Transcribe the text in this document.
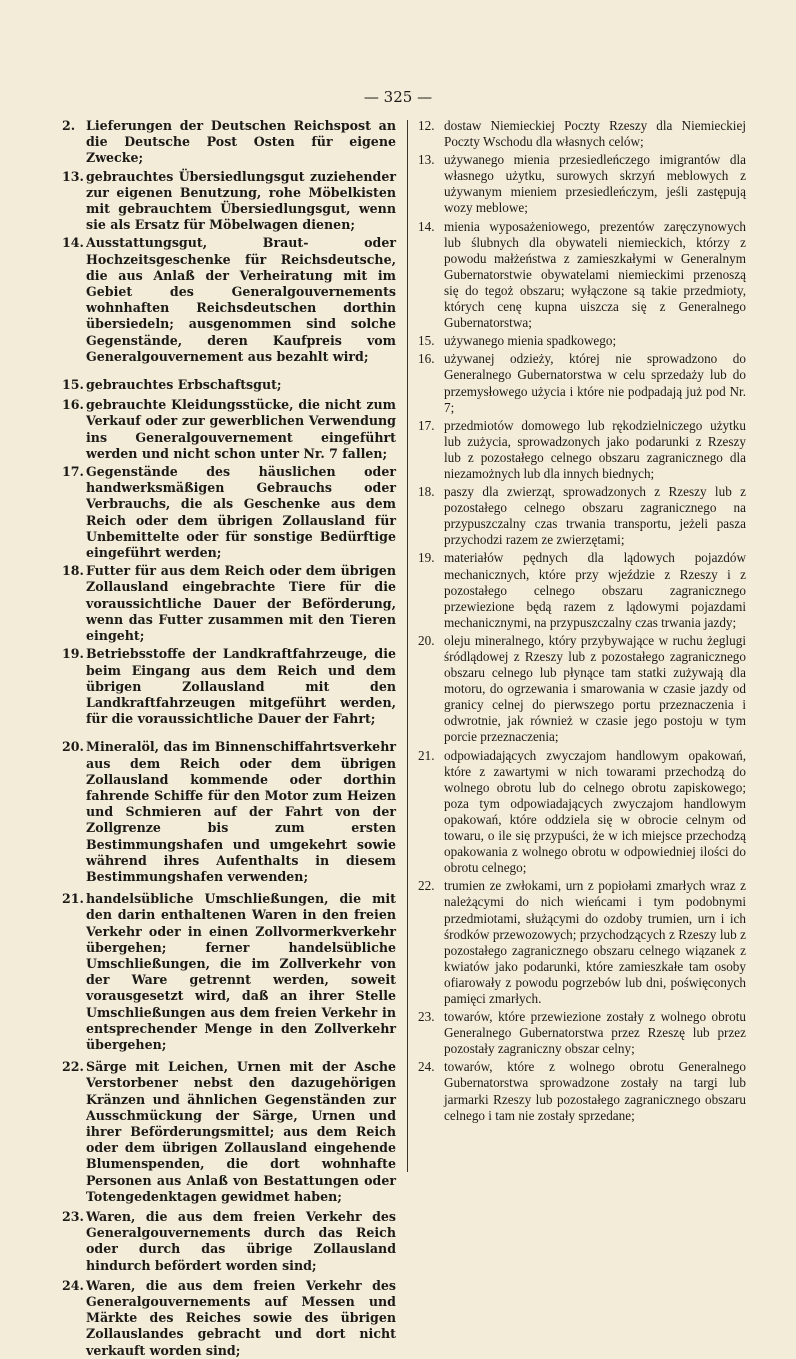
— 325 —
2. Lieferungen der Deutschen Reichspost an die Deutsche Post Osten für eigene Zwecke;
13. gebrauchtes Übersiedlungsgut zuziehender zur eigenen Benutzung, rohe Möbelkisten mit gebrauchtem Übersiedlungsgut, wenn sie als Ersatz für Möbelwagen dienen;
14. Ausstattungsgut, Braut- oder Hochzeitsgeschenke für Reichsdeutsche, die aus Anlaß der Verheiratung mit im Gebiet des Generalgouvernements wohnhaften Reichsdeutschen dorthin übersiedeln; ausgenommen sind solche Gegenstände, deren Kaufpreis vom Generalgouvernement aus bezahlt wird;
15. gebrauchtes Erbschaftsgut;
16. gebrauchte Kleidungsstücke, die nicht zum Verkauf oder zur gewerblichen Verwendung ins Generalgouvernement eingeführt werden und nicht schon unter Nr. 7 fallen;
17. Gegenstände des häuslichen oder handwerksmäßigen Gebrauchs oder Verbrauchs, die als Geschenke aus dem Reich oder dem übrigen Zollausland für Unbemittelte oder für sonstige Bedürftige eingeführt werden;
18. Futter für aus dem Reich oder dem übrigen Zollausland eingebrachte Tiere für die voraussichtliche Dauer der Beförderung, wenn das Futter zusammen mit den Tieren eingeht;
19. Betriebsstoffe der Landkraftfahrzeuge, die beim Eingang aus dem Reich und dem übrigen Zollausland mit den Landkraftfahrzeugen mitgeführt werden, für die voraussichtliche Dauer der Fahrt;
20. Mineralöl, das im Binnenschiffahrtsverkehr aus dem Reich oder dem übrigen Zollausland kommende oder dorthin fahrende Schiffe für den Motor zum Heizen und Schmieren auf der Fahrt von der Zollgrenze bis zum ersten Bestimmungshafen und umgekehrt sowie während ihres Aufenthalts in diesem Bestimmungshafen verwenden;
21. handelsübliche Umschließungen, die mit den darin enthaltenen Waren in den freien Verkehr oder in einen Zollvormerkverkehr übergehen; ferner handelsübliche Umschließungen, die im Zollverkehr von der Ware getrennt werden, soweit vorausgesetzt wird, daß an ihrer Stelle Umschließungen aus dem freien Verkehr in entsprechender Menge in den Zollverkehr übergehen;
22. Särge mit Leichen, Urnen mit der Asche Verstorbener nebst den dazugehörigen Kränzen und ähnlichen Gegenständen zur Ausschmückung der Särge, Urnen und ihrer Beförderungsmittel; aus dem Reich oder dem übrigen Zollausland eingehende Blumenspenden, die dort wohnhafte Personen aus Anlaß von Bestattungen oder Totengedenktagen gewidmet haben;
23. Waren, die aus dem freien Verkehr des Generalgouvernements durch das Reich oder durch das übrige Zollausland hindurch befördert worden sind;
24. Waren, die aus dem freien Verkehr des Generalgouvernements auf Messen und Märkte des Reiches sowie des übrigen Zollauslandes gebracht und dort nicht verkauft worden sind;
12. dostaw Niemieckiej Poczty Rzeszy dla Niemieckiej Poczty Wschodu dla własnych celów;
13. używanego mienia przesiedleńczego imigrantów dla własnego użytku, surowych skrzyń meblowych z używanym mieniem przesiedleńczym, jeśli zastępują wozy meblowe;
14. mienia wyposażeniowego, prezentów zaręczynowych lub ślubnych dla obywateli niemieckich, którzy z powodu małżeństwa z zamieszkałymi w Generalnym Gubernatorstwie obywatelami niemieckimi przenoszą się do tegoż obszaru; wyłączone są takie przedmioty, których cenę kupna uiszcza się z Generalnego Gubernatorstwa;
15. używanego mienia spadkowego;
16. używanej odzieży, której nie sprowadzono do Generalnego Gubernatorstwa w celu sprzedaży lub do przemysłowego użycia i które nie podpadają już pod Nr. 7;
17. przedmiotów domowego lub rękodzielniczego użytku lub zużycia, sprowadzonych jako podarunki z Rzeszy lub z pozostałego celnego obszaru zagranicznego dla niezamożnych lub dla innych biednych;
18. paszy dla zwierząt, sprowadzonych z Rzeszy lub z pozostałego celnego obszaru zagranicznego na przypuszczalny czas trwania transportu, jeżeli pasza przychodzi razem ze zwierzętami;
19. materiałów pędnych dla lądowych pojazdów mechanicznych, które przy wjeździe z Rzeszy i z pozostałego celnego obszaru zagranicznego przewiezione będą razem z lądowymi pojazdami mechanicznymi, na przypuszczalny czas trwania jazdy;
20. oleju mineralnego, który przybywające w ruchu żeglugi śródlądowej z Rzeszy lub z pozostałego zagranicznego obszaru celnego lub płynące tam statki zużywają dla motoru, do ogrzewania i smarowania w czasie jazdy od granicy celnej do pierwszego portu przeznaczenia i odwrotnie, jak również w czasie jego postoju w tym porcie przeznaczenia;
21. odpowiadających zwyczajom handlowym opakowań, które z zawartymi w nich towarami przechodzą do wolnego obrotu lub do celnego obrotu zapiskowego; poza tym odpowiadających zwyczajom handlowym opakowań, które oddziela się w obrocie celnym od towaru, o ile się przypuści, że w ich miejsce przechodzą opakowania z wolnego obrotu w odpowiedniej ilości do obrotu celnego;
22. trumien ze zwłokami, urn z popiołami zmarłych wraz z należącymi do nich wieńcami i tym podobnymi przedmiotami, służącymi do ozdoby trumien, urn i ich środków przewozowych; przychodzących z Rzeszy lub z pozostałego zagranicznego obszaru celnego wiązanek z kwiatów jako podarunki, które zamieszkałe tam osoby ofiarowały z powodu pogrzebów lub dni, poświęconych pamięci zmarłych.
23. towarów, które przewiezione zostały z wolnego obrotu Generalnego Gubernatorstwa przez Rzeszę lub przez pozostały zagraniczny obszar celny;
24. towarów, które z wolnego obrotu Generalnego Gubernatorstwa sprowadzone zostały na targi lub jarmarki Rzeszy lub pozostałego zagranicznego obszaru celnego i tam nie zostały sprzedane;
